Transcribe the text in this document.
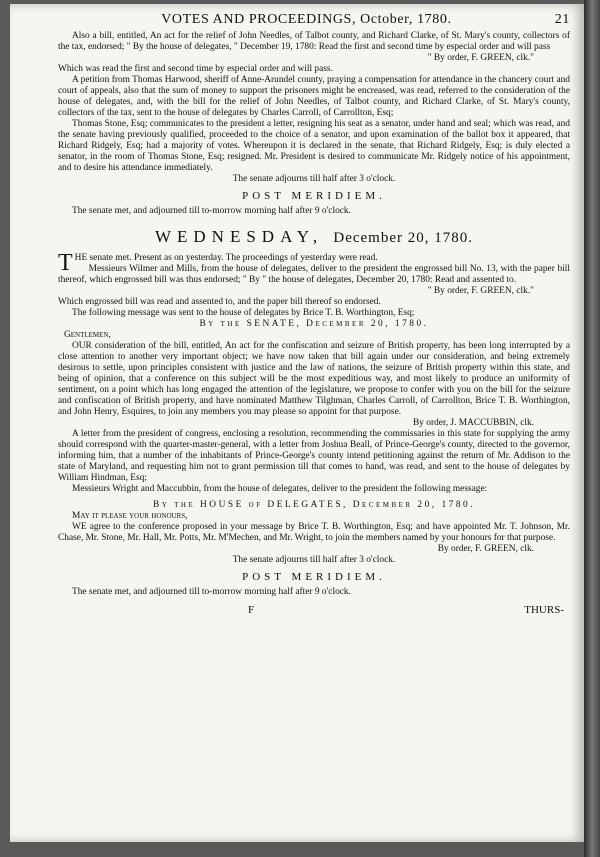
VOTES AND PROCEEDINGS, October, 1780.	21

Also a bill, entitled, An act for the relief of John Needles, of Talbot county, and Richard Clarke, of St. Mary's county, collectors of the tax, endorsed; " By the house of delegates, " December 19, 1780: Read the first and second time by especial order and will pass

" By order, F. GREEN, clk."

Which was read the first and second time by especial order and will pass.

A petition from Thomas Harwood, sheriff of Anne-Arundel county, praying a compensation for attendance in the chancery court and court of appeals, also that the sum of money to support the prisoners might be encreased, was read, referred to the consideration of the house of delegates, and, with the bill for the relief of John Needles, of Talbot county, and Richard Clarke, of St. Mary's county, collectors of the tax, sent to the house of delegates by Charles Carroll, of Carrollton, Esq;

Thomas Stone, Esq; communicates to the president a letter, resigning his seat as a senator, under hand and seal; which was read, and the senate having previously qualified, proceeded to the choice of a senator, and upon examination of the ballot box it appeared, that Richard Ridgely, Esq; had a majority of votes. Whereupon it is declared in the senate, that Richard Ridgely, Esq; is duly elected a senator, in the room of Thomas Stone, Esq; resigned. Mr. President is desired to communicate Mr. Ridgely notice of his appointment, and to desire his attendance immediately.

The senate adjourns till half after 3 o'clock.

POST MERIDIEM.

The senate met, and adjourned till to-morrow morning half after 9 o'clock.

WEDNESDAY, December 20, 1780.

THE senate met. Present as on yesterday. The proceedings of yesterday were read.

Messieurs Wilmer and Mills, from the house of delegates, deliver to the president the engrossed bill No. 13, with the paper bill thereof, which engrossed bill was thus endorsed; " By " the house of delegates, December 20, 1780: Read and assented to.

" By order, F. GREEN, clk."

Which engrossed bill was read and assented to, and the paper bill thereof so endorsed.

The following message was sent to the house of delegates by Brice T. B. Worthington, Esq;

By the SENATE, December 20, 1780.

Gentlemen,

OUR consideration of the bill, entitled, An act for the confiscation and seizure of British property, has been long interrupted by a close attention to another very important object; we have now taken that bill again under our consideration, and being extremely desirous to settle, upon principles consistent with justice and the law of nations, the seizure of British property within this state, and being of opinion, that a conference on this subject will be the most expeditious way, and most likely to produce an uniformity of sentiment, on a point which has long engaged the attention of the legislature, we propose to confer with you on the bill for the seizure and confiscation of British property, and have nominated Matthew Tilghman, Charles Carroll, of Carrollton, Brice T. B. Worthington, and John Henry, Esquires, to join any members you may please so appoint for that purpose.

By order, J. MACCUBBIN, clk.

A letter from the president of congress, enclosing a resolution, recommending the commissaries in this state for supplying the army should correspond with the quarter-master-general, with a letter from Joshua Beall, of Prince-George's county, directed to the governor, informing him, that a number of the inhabitants of Prince-George's county intend petitioning against the return of Mr. Addison to the state of Maryland, and requesting him not to grant permission till that comes to hand, was read, and sent to the house of delegates by William Hindman, Esq;

Messieurs Wright and Maccubbin, from the house of delegates, deliver to the president the following message:

By the HOUSE of DELEGATES, December 20, 1780.

May it please your honours,

WE agree to the conference proposed in your message by Brice T. B. Worthington, Esq; and have appointed Mr. T. Johnson, Mr. Chase, Mr. Stone, Mr. Hall, Mr. Potts, Mr. M'Mechen, and Mr. Wright, to join the members named by your honours for that purpose.

By order, F. GREEN, clk.

The senate adjourns till half after 3 o'clock.

POST MERIDIEM.

The senate met, and adjourned till to-morrow morning half after 9 o'clock.

F	THURS-
